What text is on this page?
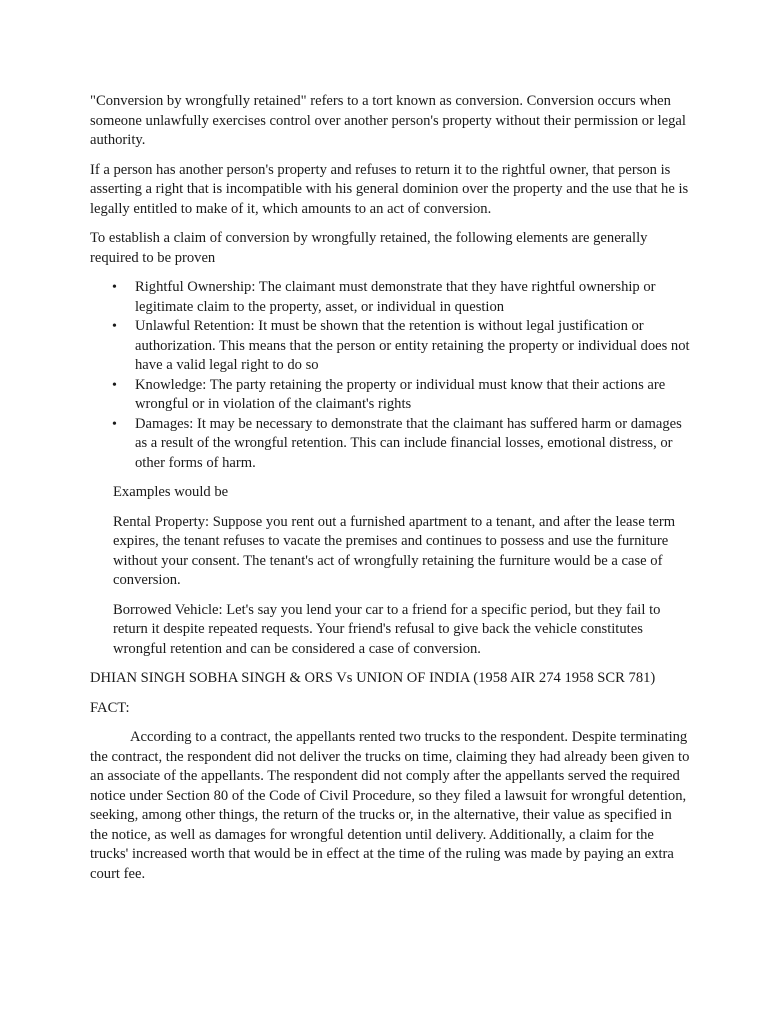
"Conversion by wrongfully retained" refers to a tort known as conversion. Conversion occurs when someone unlawfully exercises control over another person's property without their permission or legal authority.

If a person has another person's property and refuses to return it to the rightful owner, that person is asserting a right that is incompatible with his general dominion over the property and the use that he is legally entitled to make of it, which amounts to an act of conversion.

To establish a claim of conversion by wrongfully retained, the following elements are generally required to be proven

• Rightful Ownership: The claimant must demonstrate that they have rightful ownership or legitimate claim to the property, asset, or individual in question
• Unlawful Retention: It must be shown that the retention is without legal justification or authorization. This means that the person or entity retaining the property or individual does not have a valid legal right to do so
• Knowledge: The party retaining the property or individual must know that their actions are wrongful or in violation of the claimant's rights
• Damages: It may be necessary to demonstrate that the claimant has suffered harm or damages as a result of the wrongful retention. This can include financial losses, emotional distress, or other forms of harm.

Examples would be

Rental Property: Suppose you rent out a furnished apartment to a tenant, and after the lease term expires, the tenant refuses to vacate the premises and continues to possess and use the furniture without your consent. The tenant's act of wrongfully retaining the furniture would be a case of conversion.

Borrowed Vehicle: Let's say you lend your car to a friend for a specific period, but they fail to return it despite repeated requests. Your friend's refusal to give back the vehicle constitutes wrongful retention and can be considered a case of conversion.

DHIAN SINGH SOBHA SINGH & ORS Vs UNION OF INDIA (1958 AIR 274 1958 SCR 781)

FACT:

According to a contract, the appellants rented two trucks to the respondent. Despite terminating the contract, the respondent did not deliver the trucks on time, claiming they had already been given to an associate of the appellants. The respondent did not comply after the appellants served the required notice under Section 80 of the Code of Civil Procedure, so they filed a lawsuit for wrongful detention, seeking, among other things, the return of the trucks or, in the alternative, their value as specified in the notice, as well as damages for wrongful detention until delivery. Additionally, a claim for the trucks' increased worth that would be in effect at the time of the ruling was made by paying an extra court fee.
